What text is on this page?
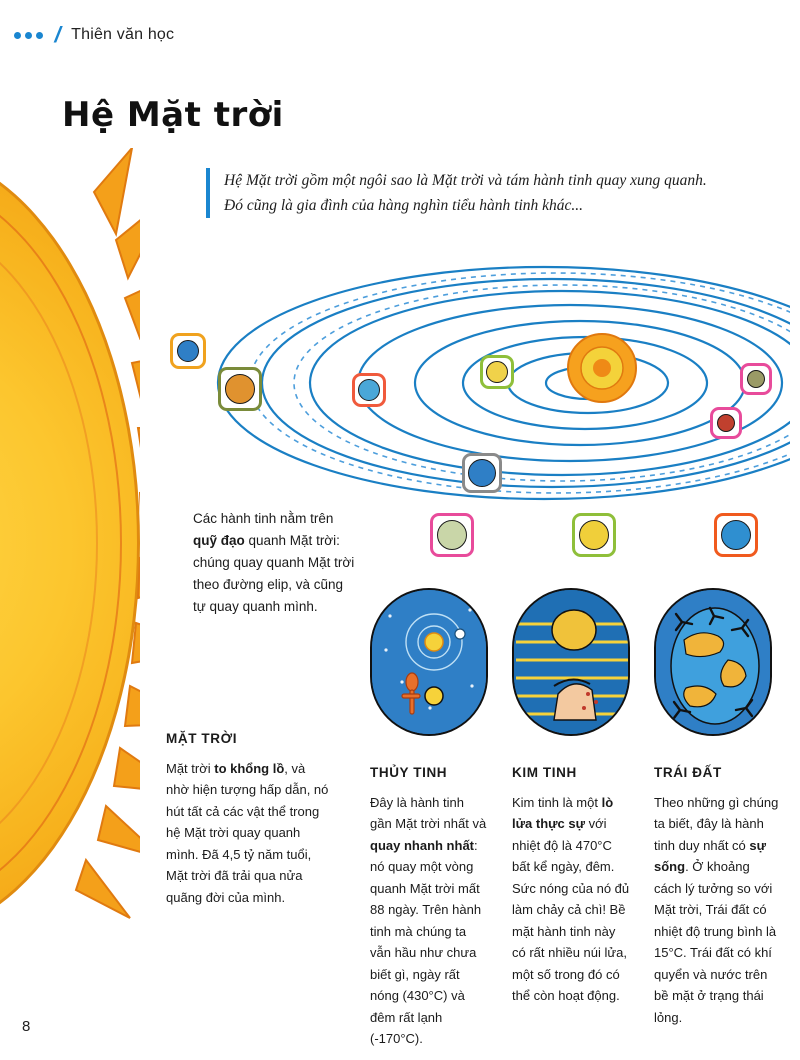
/ Thiên văn học
Hệ Mặt trời

Hệ Mặt trời gồm một ngôi sao là Mặt trời và tám hành tinh quay xung quanh.

Đó cũng là gia đình của hàng nghìn tiểu hành tinh khác...

Các hành tinh nằm trên quỹ đạo quanh Mặt trời: chúng quay quanh Mặt trời theo đường elip, và cũng tự quay quanh mình.
MẶT TRỜI

Mặt trời to khổng lồ, và nhờ hiện tượng hấp dẫn, nó hút tất cả các vật thể trong hệ Mặt trời quay quanh mình. Đã 4,5 tỷ năm tuổi, Mặt trời đã trải qua nửa quãng đời của mình.

THỦY TINH

Đây là hành tinh gần Mặt trời nhất và quay nhanh nhất: nó quay một vòng quanh Mặt trời mất 88 ngày. Trên hành tinh mà chúng ta vẫn hầu như chưa biết gì, ngày rất nóng (430°C) và đêm rất lạnh (-170°C).

KIM TINH

Kim tinh là một lò lửa thực sự với nhiệt độ là 470°C bất kể ngày, đêm. Sức nóng của nó đủ làm chảy cả chì! Bề mặt hành tinh này có rất nhiều núi lửa, một số trong đó có thể còn hoạt động.

TRÁI ĐẤT

Theo những gì chúng ta biết, đây là hành tinh duy nhất có sự sống. Ở khoảng cách lý tưởng so với Mặt trời, Trái đất có nhiệt độ trung bình là 15°C. Trái đất có khí quyển và nước trên bề mặt ở trạng thái lỏng.

8
